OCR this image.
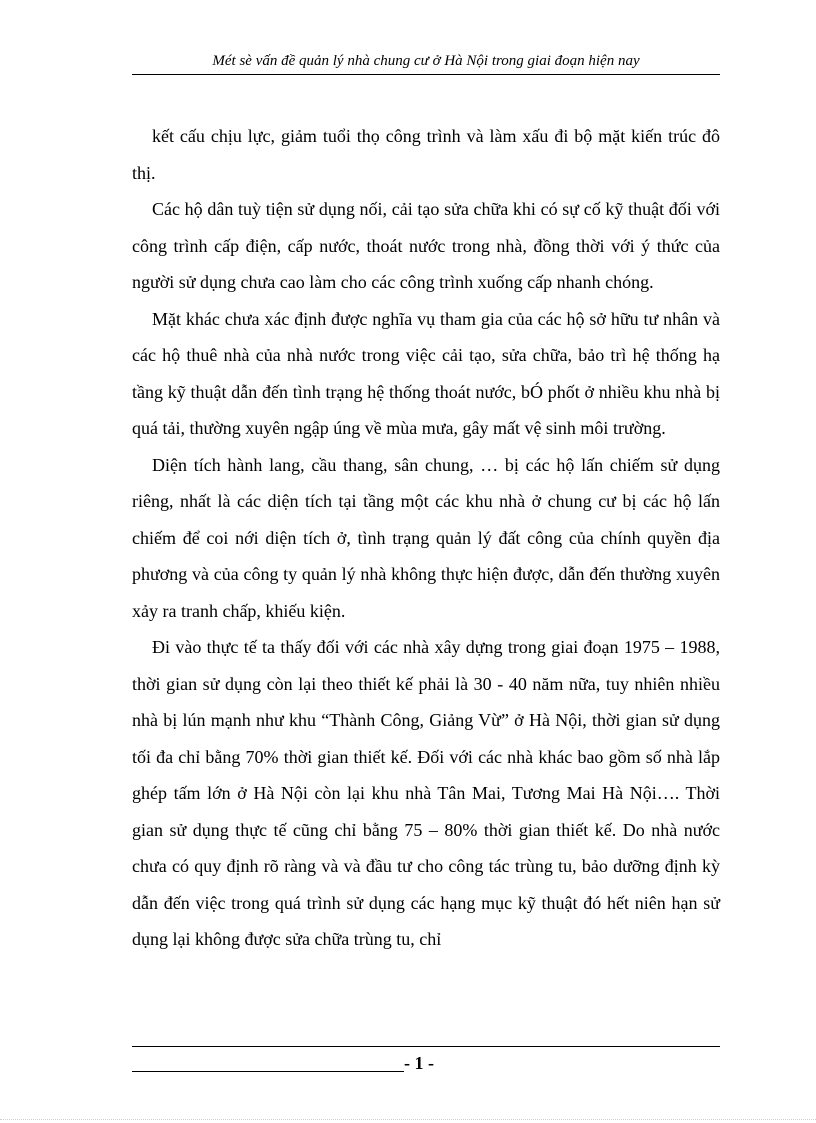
Mét sè vấn đề quản lý nhà chung cư ở Hà Nội trong giai đoạn hiện nay

kết cấu chịu lực, giảm tuổi thọ công trình và làm xấu đi bộ mặt kiến trúc đô thị.

Các hộ dân tuỳ tiện sử dụng nối, cải tạo sửa chữa khi có sự cố kỹ thuật đối với công trình cấp điện, cấp nước, thoát nước trong nhà, đồng thời với ý thức của người sử dụng chưa cao làm cho các công trình xuống cấp nhanh chóng.

Mặt khác chưa xác định được nghĩa vụ tham gia của các hộ sở hữu tư nhân và các hộ thuê nhà của nhà nước trong việc cải tạo, sửa chữa, bảo trì hệ thống hạ tầng kỹ thuật dẫn đến tình trạng hệ thống thoát nước, bÓ phốt ở nhiều khu nhà bị quá tải, thường xuyên ngập úng về mùa mưa, gây mất vệ sinh môi trường.

Diện tích hành lang, cầu thang, sân chung, … bị các hộ lấn chiếm sử dụng riêng, nhất là các diện tích tại tầng một các khu nhà ở chung cư bị các hộ lấn chiếm để coi nới diện tích ở, tình trạng quản lý đất công của chính quyền địa phương và của công ty quản lý nhà không thực hiện được, dẫn đến thường xuyên xảy ra tranh chấp, khiếu kiện.

Đi vào thực tế ta thấy đối với các nhà xây dựng trong giai đoạn 1975 – 1988, thời gian sử dụng còn lại theo thiết kế phải là 30 - 40 năm nữa, tuy nhiên nhiều nhà bị lún mạnh như khu “Thành Công, Giảng Vừ” ở Hà Nội, thời gian sử dụng tối đa chỉ bằng 70% thời gian thiết kế. Đối với các nhà khác bao gồm số nhà lắp ghép tấm lớn ở Hà Nội còn lại khu nhà Tân Mai, Tương Mai Hà Nội…. Thời gian sử dụng thực tế cũng chỉ bằng 75 – 80% thời gian thiết kế. Do nhà nước chưa có quy định rõ ràng và và đầu tư cho công tác trùng tu, bảo dưỡng định kỳ dẫn đến việc trong quá trình sử dụng các hạng mục kỹ thuật đó hết niên hạn sử dụng lại không được sửa chữa trùng tu, chỉ

- 1 -
